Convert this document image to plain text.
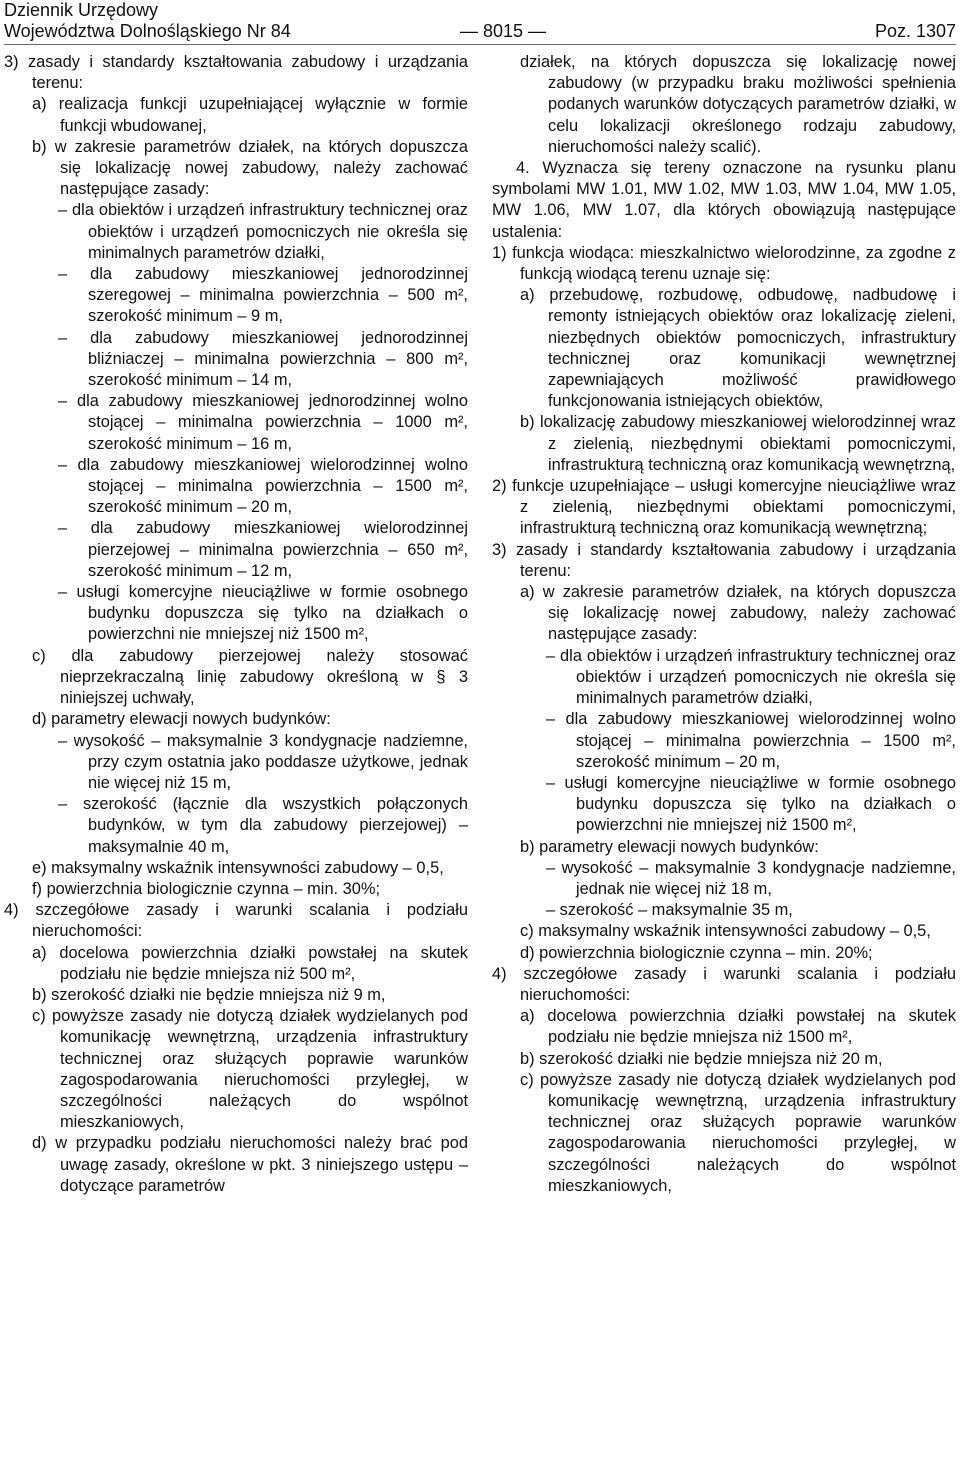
Dziennik Urzędowy
Województwa Dolnośląskiego Nr 84	— 8015 —	Poz. 1307

3) zasady i standardy kształtowania zabudowy i urządzania terenu:

a) realizacja funkcji uzupełniającej wyłącznie w formie funkcji wbudowanej,

b) w zakresie parametrów działek, na których dopuszcza się lokalizację nowej zabudowy, należy zachować następujące zasady:

– dla obiektów i urządzeń infrastruktury technicznej oraz obiektów i urządzeń pomocniczych nie określa się minimalnych parametrów działki,

– dla zabudowy mieszkaniowej jednorodzinnej szeregowej – minimalna powierzchnia – 500 m², szerokość minimum – 9 m,

– dla zabudowy mieszkaniowej jednorodzinnej bliźniaczej – minimalna powierzchnia – 800 m², szerokość minimum – 14 m,

– dla zabudowy mieszkaniowej jednorodzinnej wolno stojącej – minimalna powierzchnia – 1000 m², szerokość minimum – 16 m,

– dla zabudowy mieszkaniowej wielorodzinnej wolno stojącej – minimalna powierzchnia – 1500 m², szerokość minimum – 20 m,

– dla zabudowy mieszkaniowej wielorodzinnej pierzejowej – minimalna powierzchnia – 650 m², szerokość minimum – 12 m,

– usługi komercyjne nieuciążliwe w formie osobnego budynku dopuszcza się tylko na działkach o powierzchni nie mniejszej niż 1500 m²,

c) dla zabudowy pierzejowej należy stosować nieprzekraczalną linię zabudowy określoną w § 3 niniejszej uchwały,

d) parametry elewacji nowych budynków:

– wysokość – maksymalnie 3 kondygnacje nadziemne, przy czym ostatnia jako poddasze użytkowe, jednak nie więcej niż 15 m,

– szerokość (łącznie dla wszystkich połączonych budynków, w tym dla zabudowy pierzejowej) – maksymalnie 40 m,

e) maksymalny wskaźnik intensywności zabudowy – 0,5,

f) powierzchnia biologicznie czynna – min. 30%;

4) szczegółowe zasady i warunki scalania i podziału nieruchomości:

a) docelowa powierzchnia działki powstałej na skutek podziału nie będzie mniejsza niż 500 m²,

b) szerokość działki nie będzie mniejsza niż 9 m,

c) powyższe zasady nie dotyczą działek wydzielanych pod komunikację wewnętrzną, urządzenia infrastruktury technicznej oraz służących poprawie warunków zagospodarowania nieruchomości przyległej, w szczególności należących do wspólnot mieszkaniowych,

d) w przypadku podziału nieruchomości należy brać pod uwagę zasady, określone w pkt. 3 niniejszego ustępu – dotyczące parametrów

działek, na których dopuszcza się lokalizację nowej zabudowy (w przypadku braku możliwości spełnienia podanych warunków dotyczących parametrów działki, w celu lokalizacji określonego rodzaju zabudowy, nieruchomości należy scalić).

4. Wyznacza się tereny oznaczone na rysunku planu symbolami MW 1.01, MW 1.02, MW 1.03, MW 1.04, MW 1.05, MW 1.06, MW 1.07, dla których obowiązują następujące ustalenia:

1) funkcja wiodąca: mieszkalnictwo wielorodzinne, za zgodne z funkcją wiodącą terenu uznaje się:

a) przebudowę, rozbudowę, odbudowę, nadbudowę i remonty istniejących obiektów oraz lokalizację zieleni, niezbędnych obiektów pomocniczych, infrastruktury technicznej oraz komunikacji wewnętrznej zapewniających możliwość prawidłowego funkcjonowania istniejących obiektów,

b) lokalizację zabudowy mieszkaniowej wielorodzinnej wraz z zielenią, niezbędnymi obiektami pomocniczymi, infrastrukturą techniczną oraz komunikacją wewnętrzną,

2) funkcje uzupełniające – usługi komercyjne nieuciążliwe wraz z zielenią, niezbędnymi obiektami pomocniczymi, infrastrukturą techniczną oraz komunikacją wewnętrzną;

3) zasady i standardy kształtowania zabudowy i urządzania terenu:

a) w zakresie parametrów działek, na których dopuszcza się lokalizację nowej zabudowy, należy zachować następujące zasady:

– dla obiektów i urządzeń infrastruktury technicznej oraz obiektów i urządzeń pomocniczych nie określa się minimalnych parametrów działki,

– dla zabudowy mieszkaniowej wielorodzinnej wolno stojącej – minimalna powierzchnia – 1500 m², szerokość minimum – 20 m,

– usługi komercyjne nieuciążliwe w formie osobnego budynku dopuszcza się tylko na działkach o powierzchni nie mniejszej niż 1500 m²,

b) parametry elewacji nowych budynków:

– wysokość – maksymalnie 3 kondygnacje nadziemne, jednak nie więcej niż 18 m,

– szerokość – maksymalnie 35 m,

c) maksymalny wskaźnik intensywności zabudowy – 0,5,

d) powierzchnia biologicznie czynna – min. 20%;

4) szczegółowe zasady i warunki scalania i podziału nieruchomości:

a) docelowa powierzchnia działki powstałej na skutek podziału nie będzie mniejsza niż 1500 m²,

b) szerokość działki nie będzie mniejsza niż 20 m,

c) powyższe zasady nie dotyczą działek wydzielanych pod komunikację wewnętrzną, urządzenia infrastruktury technicznej oraz służących poprawie warunków zagospodarowania nieruchomości przyległej, w szczególności należących do wspólnot mieszkaniowych,
